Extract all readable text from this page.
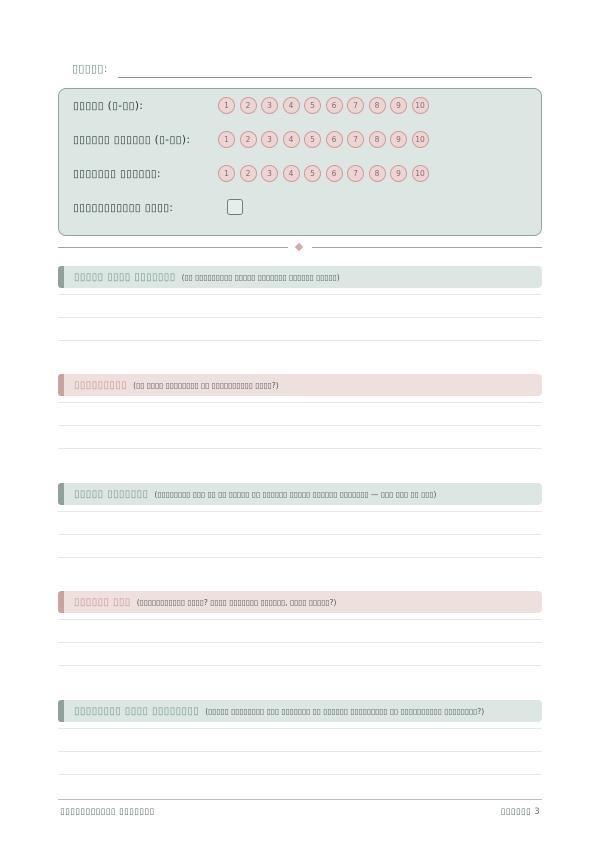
▯▯▯▯▯:
▯▯▯▯▯ (▯-▯▯):	1	2	3	4	5	6	7	8	9	10
▯▯▯▯▯▯ ▯▯▯▯▯▯ (▯-▯▯):	1	2	3	4	5	6	7	8	9	10
▯▯▯▯▯▯▯ ▯▯▯▯▯▯:	1	2	3	4	5	6	7	8	9	10
▯▯▯▯▯▯▯▯▯▯▯ ▯▯▯▯:
▯▯▯▯▯ ▯▯▯▯ ▯▯▯▯▯▯▯ (▯▯ ▯▯▯▯▯▯▯▯▯ ▯▯▯▯▯ ▯▯▯▯▯▯▯ ▯▯▯▯▯▯ ▯▯▯▯▯)
▯▯▯▯▯▯▯▯▯ (▯▯ ▯▯▯▯ ▯▯▯▯▯▯▯▯ ▯▯ ▯▯▯▯▯▯▯▯▯▯ ▯▯▯▯?)
▯▯▯▯▯ ▯▯▯▯▯▯▯ (▯▯▯▯▯▯▯▯ ▯▯▯ ▯▯ ▯▯ ▯▯▯▯▯ ▯▯ ▯▯▯▯▯▯ ▯▯▯▯▯ ▯▯▯▯▯▯ ▯▯▯▯▯▯▯ — ▯▯▯ ▯▯▯ ▯▯ ▯▯▯)
▯▯▯▯▯▯ ▯▯▯ (▯▯▯▯▯▯▯▯▯▯▯ ▯▯▯▯? ▯▯▯▯ ▯▯▯▯▯▯▯ ▯▯▯▯▯▯, ▯▯▯▯ ▯▯▯▯▯?)
▯▯▯▯▯▯▯▯ ▯▯▯▯ ▯▯▯▯▯▯▯▯ (▯▯▯▯▯ ▯▯▯▯▯▯▯▯ ▯▯▯ ▯▯▯▯▯▯▯ ▯▯ ▯▯▯▯▯▯ ▯▯▯▯▯▯▯▯▯ ▯▯ ▯▯▯▯▯▯▯▯▯▯ ▯▯▯▯▯▯▯▯?)
▯▯▯▯▯▯▯▯▯▯▯ ▯▯▯▯▯▯▯	▯▯▯▯▯▯ 3
